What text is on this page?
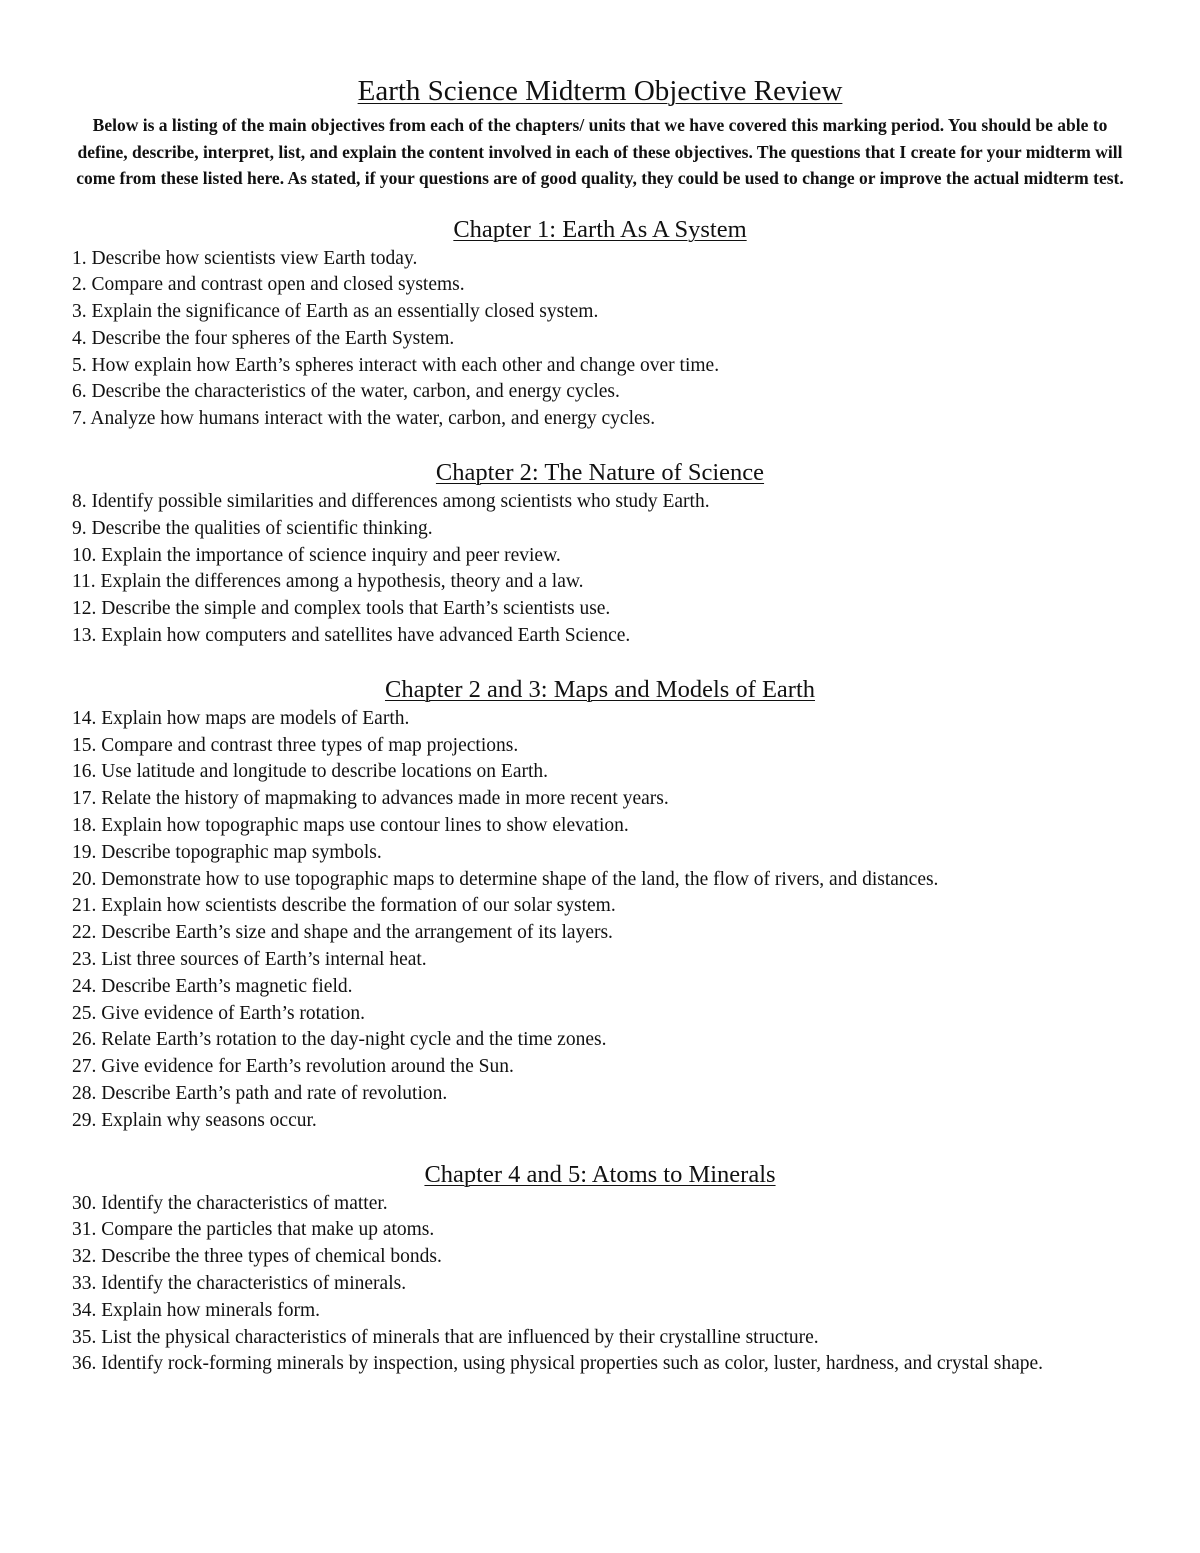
Earth Science Midterm Objective Review

Below is a listing of the main objectives from each of the chapters/ units that we have covered this marking period. You should be able to define, describe, interpret, list, and explain the content involved in each of these objectives. The questions that I create for your midterm will come from these listed here. As stated, if your questions are of good quality, they could be used to change or improve the actual midterm test.

Chapter 1: Earth As A System
1. Describe how scientists view Earth today.
2. Compare and contrast open and closed systems.
3. Explain the significance of Earth as an essentially closed system.
4. Describe the four spheres of the Earth System.
5. How explain how Earth’s spheres interact with each other and change over time.
6. Describe the characteristics of the water, carbon, and energy cycles.
7. Analyze how humans interact with the water, carbon, and energy cycles.
Chapter 2: The Nature of Science
8. Identify possible similarities and differences among scientists who study Earth.
9. Describe the qualities of scientific thinking.
10. Explain the importance of science inquiry and peer review.
11. Explain the differences among a hypothesis, theory and a law.
12. Describe the simple and complex tools that Earth’s scientists use.
13. Explain how computers and satellites have advanced Earth Science.
Chapter 2 and 3: Maps and Models of Earth
14. Explain how maps are models of Earth.
15. Compare and contrast three types of map projections.
16. Use latitude and longitude to describe locations on Earth.
17. Relate the history of mapmaking to advances made in more recent years.
18. Explain how topographic maps use contour lines to show elevation.
19. Describe topographic map symbols.
20. Demonstrate how to use topographic maps to determine shape of the land, the flow of rivers, and distances.
21. Explain how scientists describe the formation of our solar system.
22. Describe Earth’s size and shape and the arrangement of its layers.
23. List three sources of Earth’s internal heat.
24. Describe Earth’s magnetic field.
25. Give evidence of Earth’s rotation.
26. Relate Earth’s rotation to the day-night cycle and the time zones.
27. Give evidence for Earth’s revolution around the Sun.
28. Describe Earth’s path and rate of revolution.
29. Explain why seasons occur.
Chapter 4 and 5: Atoms to Minerals
30. Identify the characteristics of matter.
31. Compare the particles that make up atoms.
32. Describe the three types of chemical bonds.
33. Identify the characteristics of minerals.
34. Explain how minerals form.
35. List the physical characteristics of minerals that are influenced by their crystalline structure.
36. Identify rock-forming minerals by inspection, using physical properties such as color, luster, hardness, and crystal shape.
